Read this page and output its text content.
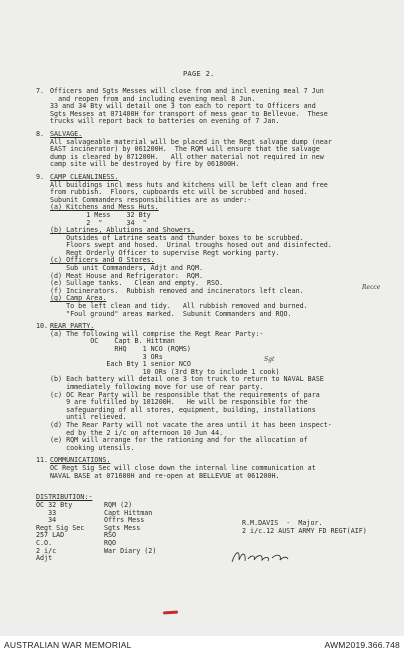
PAGE 2.
7. Officers and Sgts Messes will close from and incl evening meal 7 Jun
and reopen from and including evening meal 8 Jun.
33 and 34 Bty will detail one 3 ton each to report to Officers and
Sgts Messes at 071400H for transport of mess gear to Bellevue.  These
trucks will report back to batteries on evening of 7 Jan.
8. SALVAGE.
All salvageable material will be placed in the Regt salvage dump (near
EAST incinerator) by 061200H.  The RQM will ensure that the salvage
dump is cleared by 071200H.   All other material not required in new
camp site will be destroyed by fire by 061800H.
9. CAMP CLEANLINESS.
All buildings incl mess huts and kitchens will be left clean and free
from rubbish.  Floors, cupboards etc will be scrubbed and hosed.
Subunit Commanders responsibilities are as under:-
(a) Kitchens and Mess Huts.
1 Mess    32 Bty
2  "      34  "
(b) Latrines, Ablutions and Showers.
Outsides of Latrine seats and thunder boxes to be scrubbed.
Floors swept and hosed.  Urinal troughs hosed out and disinfected.
Regt Orderly Officer to supervise Regt working party.
(c) Officers and O Stores.
Sub unit Commanders, Adjt and RQM.
(d) Meat House and Refrigerator:  RQM.
(e) Sullage tanks.   Clean and empty.  RSO.
(f) Incinerators.  Rubbish removed and incinerators left clean.	Recce
(g) Camp Area.
To be left clean and tidy.   All rubbish removed and burned.
"Foul ground" areas marked.  Subunit Commanders and RQO.
10. REAR PARTY.
(a) The following will comprise the Regt Rear Party:-
OC    Capt B. Hittman
RHQ    1 NCO (RQMS)
3 ORs
Each Bty 1 senior NCO
Sgt
10 ORs (3rd Bty to include 1 cook)
(b) Each battery will detail one 3 ton truck to return to NAVAL BASE
immediately following move for use of rear party.
(c) OC Rear Party will be responsible that the requirements of para
9 are fulfilled by 101200H.   He will be responsible for the
safeguarding of all stores, equipment, building, installations
until relieved.
(d) The Rear Party will not vacate the area until it has been inspect-
ed by the 2 i/c on afternoon 10 Jun 44.
(e) RQM will arrange for the rationing and for the allocation of
cooking utensils.
11. COMMUNICATIONS.
OC Regt Sig Sec will close down the internal line communication at
NAVAL BASE at 071600H and re-open at BELLEVUE at 061200H.
DISTRIBUTION:-
OC 32 Bty
33
34
Regt Sig Sec
257 LAD
C.O.
2 i/c
Adjt
RQM (2)
Capt Hittman
Offrs Mess
Sgts Mess
RSO
RQO
War Diary (2)
R.M.DAVIS  -  Major.
2 i/c.12 AUST ARMY FD REGT(AIF)
AUSTRALIAN WAR MEMORIAL	AWM2019.366.748
